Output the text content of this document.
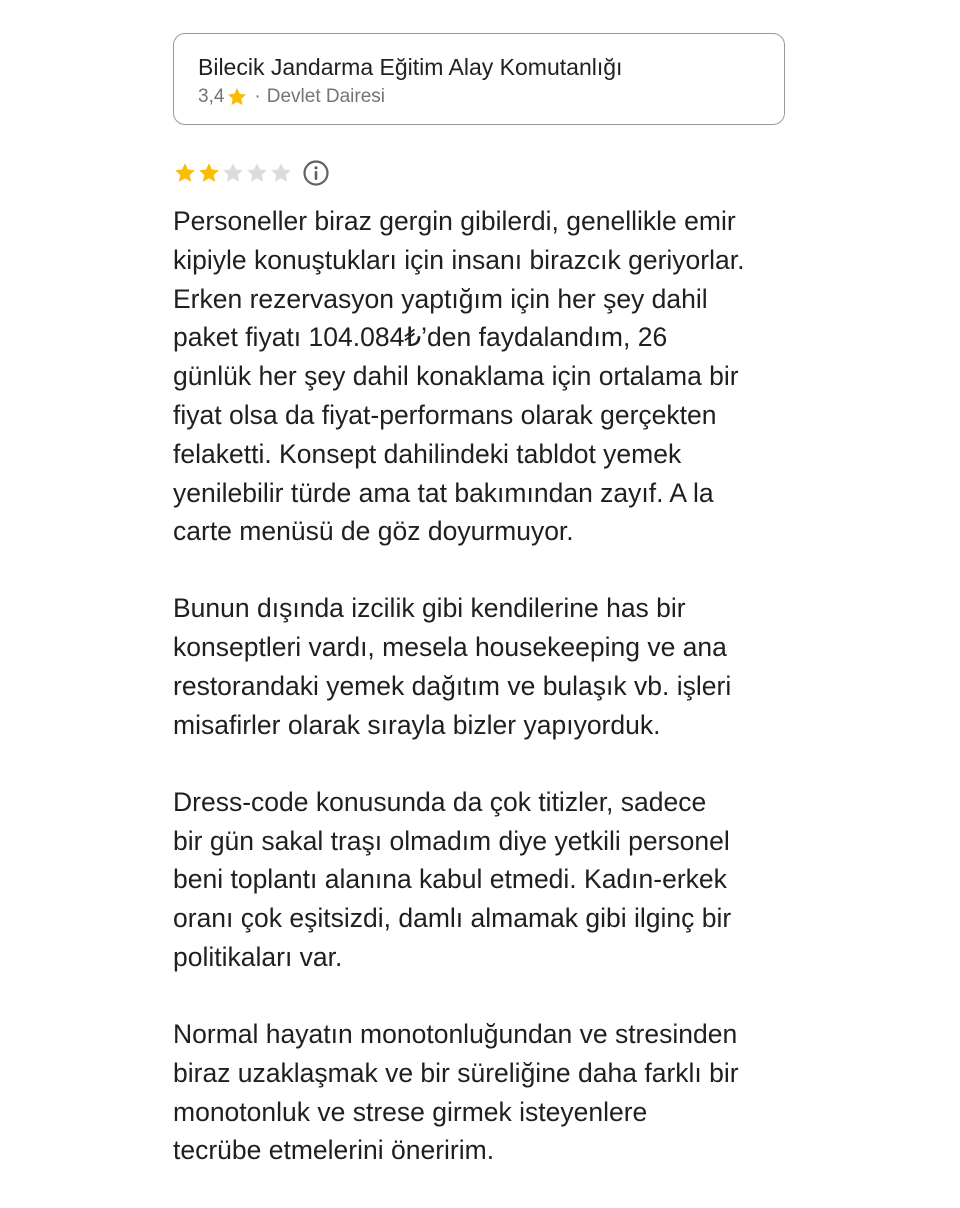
Bilecik Jandarma Eğitim Alay Komutanlığı
3,4 · Devlet Dairesi
Personeller biraz gergin gibilerdi, genellikle emir
kipiyle konuştukları için insanı birazcık geriyorlar.
Erken rezervasyon yaptığım için her şey dahil
paket fiyatı 104.084₺’den faydalandım, 26
günlük her şey dahil konaklama için ortalama bir
fiyat olsa da fiyat-performans olarak gerçekten
felaketti. Konsept dahilindeki tabldot yemek
yenilebilir türde ama tat bakımından zayıf. A la
carte menüsü de göz doyurmuyor.
Bunun dışında izcilik gibi kendilerine has bir
konseptleri vardı, mesela housekeeping ve ana
restorandaki yemek dağıtım ve bulaşık vb. işleri
misafirler olarak sırayla bizler yapıyorduk.
Dress-code konusunda da çok titizler, sadece
bir gün sakal traşı olmadım diye yetkili personel
beni toplantı alanına kabul etmedi. Kadın-erkek
oranı çok eşitsizdi, damlı almamak gibi ilginç bir
politikaları var.
Normal hayatın monotonluğundan ve stresinden
biraz uzaklaşmak ve bir süreliğine daha farklı bir
monotonluk ve strese girmek isteyenlere
tecrübe etmelerini öneririm.
